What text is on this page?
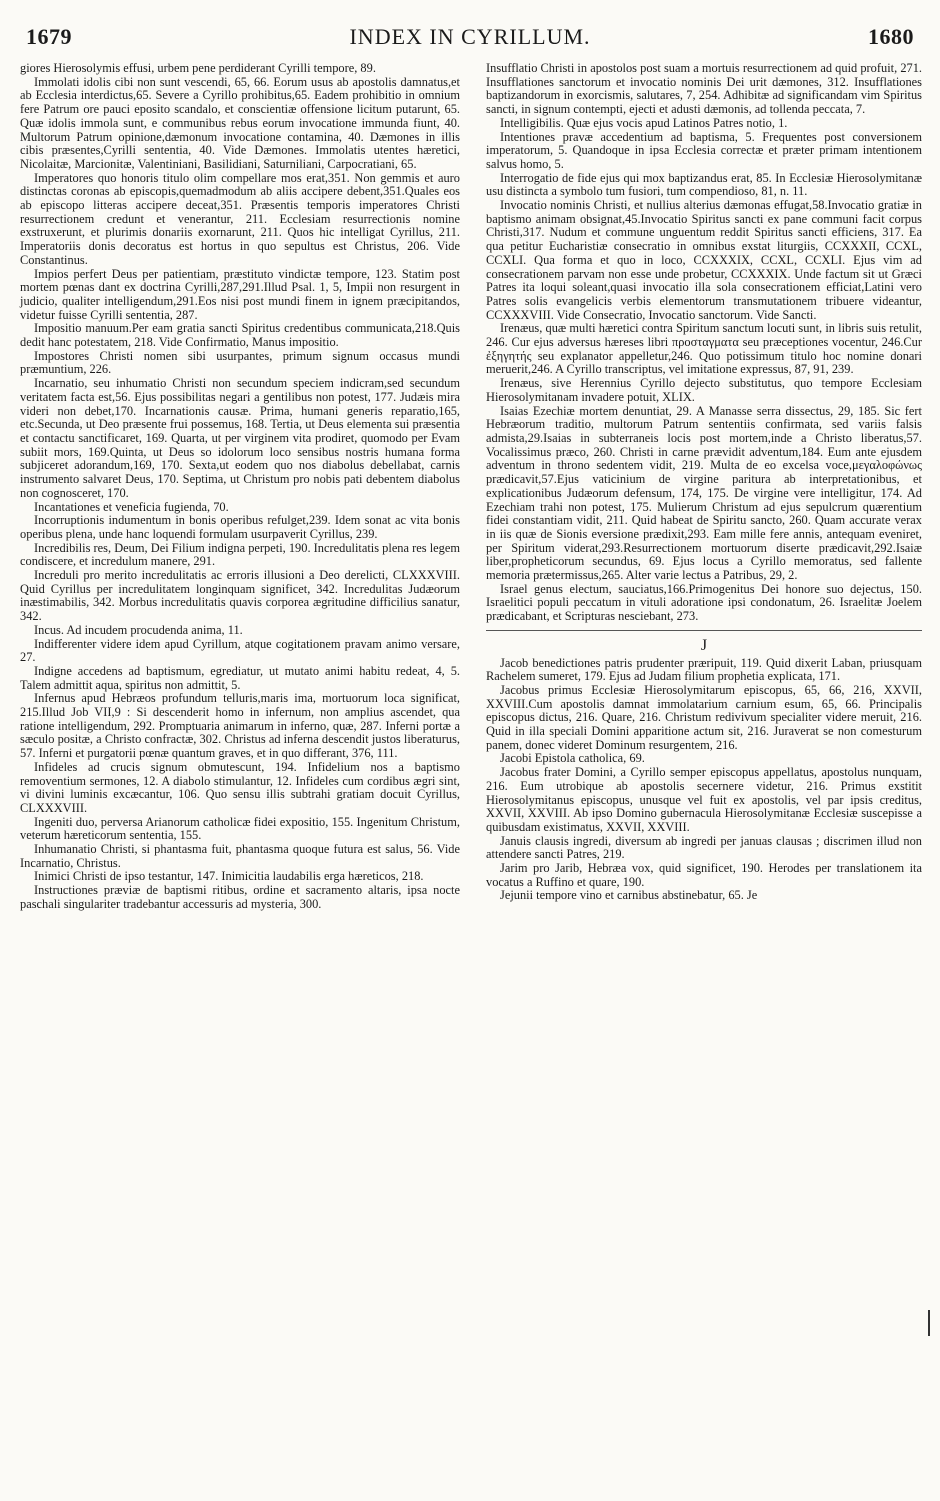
1679	INDEX IN CYRILLUM.	1680

giores Hierosolymis effusi, urbem pene perdiderant Cyrilli tempore, 89.

Immolati idolis cibi non sunt vescendi, 65, 66. Eorum usus ab apostolis damnatus,et ab Ecclesia interdictus,65. Severe a Cyrillo prohibitus,65. Eadem prohibitio in omnium fere Patrum ore pauci eposito scandalo, et conscientiæ offensione licitum putarunt, 65. Quæ idolis immola sunt, e communibus rebus eorum invocatione immunda fiunt, 40. Multorum Patrum opinione,dæmonum invocatione contamina, 40. Dæmones in illis cibis præsentes,Cyrilli sententia, 40. Vide Dæmones. Immolatis utentes hæretici, Nicolaitæ, Marcionitæ, Valentiniani, Basilidiani, Saturniliani, Carpocratiani, 65.

Imperatores quo honoris titulo olim compellare mos erat,351. Non gemmis et auro distinctas coronas ab episcopis,quemadmodum ab aliis accipere debent,351.Quales eos ab episcopo litteras accipere deceat,351. Præsentis temporis imperatores Christi resurrectionem credunt et venerantur, 211. Ecclesiam resurrectionis nomine exstruxerunt, et plurimis donariis exornarunt, 211. Quos hic intelligat Cyrillus, 211. Imperatoriis donis decoratus est hortus in quo sepultus est Christus, 206. Vide Constantinus.

Impios perfert Deus per patientiam, præstituto vindictæ tempore, 123. Statim post mortem pœnas dant ex doctrina Cyrilli,287,291.Illud Psal. 1, 5, Impii non resurgent in judicio, qualiter intelligendum,291.Eos nisi post mundi finem in ignem præcipitandos, videtur fuisse Cyrilli sententia, 287.

Impositio manuum.Per eam gratia sancti Spiritus credentibus communicata,218.Quis dedit hanc potestatem, 218. Vide Confirmatio, Manus impositio.

Impostores Christi nomen sibi usurpantes, primum signum occasus mundi præmuntium, 226.

Incarnatio, seu inhumatio Christi non secundum speciem indicram,sed secundum veritatem facta est,56. Ejus possibilitas negari a gentilibus non potest, 177. Judæis mira videri non debet,170. Incarnationis causæ. Prima, humani generis reparatio,165, etc.Secunda, ut Deo præsente frui possemus, 168. Tertia, ut Deus elementa sui præsentia et contactu sanctificaret, 169. Quarta, ut per virginem vita prodiret, quomodo per Evam subiit mors, 169.Quinta, ut Deus so idolorum loco sensibus nostris humana forma subjiceret adorandum,169, 170. Sexta,ut eodem quo nos diabolus debellabat, carnis instrumento salvaret Deus, 170. Septima, ut Christum pro nobis pati debentem diabolus non cognosceret, 170.

Incantationes et veneficia fugienda, 70.

Incorruptionis indumentum in bonis operibus refulget,239. Idem sonat ac vita bonis operibus plena, unde hanc loquendi formulam usurpaverit Cyrillus, 239.

Incredibilis res, Deum, Dei Filium indigna perpeti, 190. Incredulitatis plena res legem condiscere, et incredulum manere, 291.

Increduli pro merito incredulitatis ac erroris illusioni a Deo derelicti, CLXXXVIII. Quid Cyrillus per incredulitatem longinquam significet, 342. Incredulitas Judæorum inæstimabilis, 342. Morbus incredulitatis quavis corporea ægritudine difficilius sanatur, 342.

Incus. Ad incudem procudenda anima, 11.

Indifferenter videre idem apud Cyrillum, atque cogitationem pravam animo versare, 27.

Indigne accedens ad baptismum, egrediatur, ut mutato animi habitu redeat, 4, 5. Talem admittit aqua, spiritus non admittit, 5.

Infernus apud Hebræos profundum telluris,maris ima, mortuorum loca significat, 215.Illud Job VII,9 : Si descenderit homo in infernum, non amplius ascendet, qua ratione intelligendum, 292. Promptuaria animarum in inferno, quæ, 287. Inferni portæ a sæculo positæ, a Christo confractæ, 302. Christus ad inferna descendit justos liberaturus, 57. Inferni et purgatorii pœnæ quantum graves, et in quo differant, 376, 111.

Infideles ad crucis signum obmutescunt, 194. Infidelium nos a baptismo removentium sermones, 12. A diabolo stimulantur, 12. Infideles cum cordibus ægri sint, vi divini luminis excæcantur, 106. Quo sensu illis subtrahi gratiam docuit Cyrillus, CLXXXVIII.

Ingeniti duo, perversa Arianorum catholicæ fidei expositio, 155. Ingenitum Christum, veterum hæreticorum sententia, 155.

Inhumanatio Christi, si phantasma fuit, phantasma quoque futura est salus, 56. Vide Incarnatio, Christus.

Inimici Christi de ipso testantur, 147. Inimicitia laudabilis erga hæreticos, 218.

Instructiones præviæ de baptismi ritibus, ordine et sacramento altaris, ipsa nocte paschali singulariter tradebantur accessuris ad mysteria, 300.

Insufflatio Christi in apostolos post suam a mortuis resurrectionem ad quid profuit, 271. Insufflationes sanctorum et invocatio nominis Dei urit dæmones, 312. Insufflationes baptizandorum in exorcismis, salutares, 7, 254. Adhibitæ ad significandam vim Spiritus sancti, in signum contempti, ejecti et adusti dæmonis, ad tollenda peccata, 7.

Intelligibilis. Quæ ejus vocis apud Latinos Patres notio, 1.

Intentiones pravæ accedentium ad baptisma, 5. Frequentes post conversionem imperatorum, 5. Quandoque in ipsa Ecclesia correctæ et præter primam intentionem salvus homo, 5.

Interrogatio de fide ejus qui mox baptizandus erat, 85. In Ecclesiæ Hierosolymitanæ usu distincta a symbolo tum fusiori, tum compendioso, 81, n. 11.

Invocatio nominis Christi, et nullius alterius dæmonas effugat,58.Invocatio gratiæ in baptismo animam obsignat,45.Invocatio Spiritus sancti ex pane communi facit corpus Christi,317. Nudum et commune unguentum reddit Spiritus sancti efficiens, 317. Ea qua petitur Eucharistiæ consecratio in omnibus exstat liturgiis, CCXXXII, CCXL, CCXLI. Qua forma et quo in loco, CCXXXIX, CCXL, CCXLI. Ejus vim ad consecrationem parvam non esse unde probetur, CCXXXIX. Unde factum sit ut Græci Patres ita loqui soleant,quasi invocatio illa sola consecrationem efficiat,Latini vero Patres solis evangelicis verbis elementorum transmutationem tribuere videantur, CCXXXVIII. Vide Consecratio, Invocatio sanctorum. Vide Sancti.

Irenæus, quæ multi hæretici contra Spiritum sanctum locuti sunt, in libris suis retulit, 246. Cur ejus adversus hæreses libri προσταγματα seu præceptiones vocentur, 246.Cur ἐξηγητής seu explanator appelletur,246. Quo potissimum titulo hoc nomine donari meruerit,246. A Cyrillo transcriptus, vel imitatione expressus, 87, 91, 239.

Irenæus, sive Herennius Cyrillo dejecto substitutus, quo tempore Ecclesiam Hierosolymitanam invadere potuit, XLIX.

Isaias Ezechiæ mortem denuntiat, 29. A Manasse serra dissectus, 29, 185. Sic fert Hebræorum traditio, multorum Patrum sententiis confirmata, sed variis falsis admista,29.Isaias in subterraneis locis post mortem,inde a Christo liberatus,57. Vocalissimus præco, 260. Christi in carne prævidit adventum,184. Eum ante ejusdem adventum in throno sedentem vidit, 219. Multa de eo excelsa voce,μεγαλοφώνως prædicavit,57.Ejus vaticinium de virgine paritura ab interpretationibus, et explicationibus Judæorum defensum, 174, 175. De virgine vere intelligitur, 174. Ad Ezechiam trahi non potest, 175. Mulierum Christum ad ejus sepulcrum quærentium fidei constantiam vidit, 211. Quid habeat de Spiritu sancto, 260. Quam accurate verax in iis quæ de Sionis eversione prædixit,293. Eam mille fere annis, antequam eveniret, per Spiritum viderat,293.Resurrectionem mortuorum diserte prædicavit,292.Isaiæ liber,propheticorum secundus, 69. Ejus locus a Cyrillo memoratus, sed fallente memoria prætermissus,265. Alter varie lectus a Patribus, 29, 2.

Israel genus electum, sauciatus,166.Primogenitus Dei honore suo dejectus, 150. Israelitici populi peccatum in vituli adoratione ipsi condonatum, 26. Israelitæ Joelem prædicabant, et Scripturas nesciebant, 273.

J

Jacob benedictiones patris prudenter præripuit, 119. Quid dixerit Laban, priusquam Rachelem sumeret, 179. Ejus ad Judam filium prophetia explicata, 171.

Jacobus primus Ecclesiæ Hierosolymitarum episcopus, 65, 66, 216, XXVII, XXVIII.Cum apostolis damnat immolatarium carnium esum, 65, 66. Principalis episcopus dictus, 216. Quare, 216. Christum redivivum specialiter videre meruit, 216. Quid in illa speciali Domini apparitione actum sit, 216. Juraverat se non comesturum panem, donec videret Dominum resurgentem, 216.

Jacobi Epistola catholica, 69.

Jacobus frater Domini, a Cyrillo semper episcopus appellatus, apostolus nunquam, 216. Eum utrobique ab apostolis secernere videtur, 216. Primus exstitit Hierosolymitanus episcopus, unusque vel fuit ex apostolis, vel par ipsis creditus, XXVII, XXVIII. Ab ipso Domino gubernacula Hierosolymitanæ Ecclesiæ suscepisse a quibusdam existimatus, XXVII, XXVIII.

Januis clausis ingredi, diversum ab ingredi per januas clausas ; discrimen illud non attendere sancti Patres, 219.

Jarim pro Jarib, Hebræa vox, quid significet, 190. Herodes per translationem ita vocatus a Ruffino et quare, 190.

Jejunii tempore vino et carnibus abstinebatur, 65. Je
